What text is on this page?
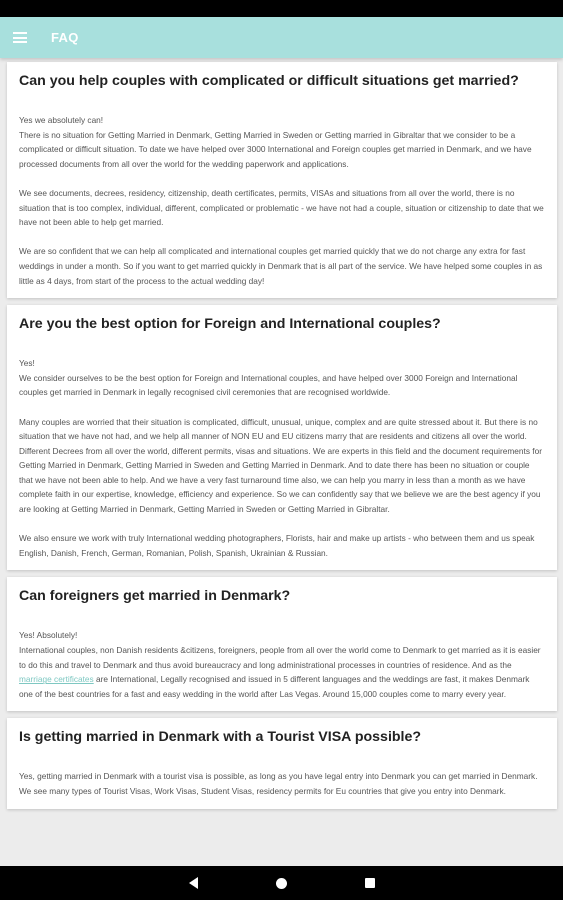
FAQ
Can you help couples with complicated or difficult situations get married?

Yes we absolutely can!
There is no situation for Getting Married in Denmark, Getting Married in Sweden or Getting married in Gibraltar that we consider to be a complicated or difficult situation. To date we have helped over 3000 International and Foreign couples get married in Denmark, and we have processed documents from all over the world for the wedding paperwork and applications.

We see documents, decrees, residency, citizenship, death certificates, permits, VISAs and situations from all over the world, there is no situation that is too complex, individual, different, complicated or problematic - we have not had a couple, situation or citizenship to date that we have not been able to help get married.

We are so confident that we can help all complicated and international couples get married quickly that we do not charge any extra for fast weddings in under a month. So if you want to get married quickly in Denmark that is all part of the service. We have helped some couples in as little as 4 days, from start of the process to the actual wedding day!

Are you the best option for Foreign and International couples?

Yes!
We consider ourselves to be the best option for Foreign and International couples, and have helped over 3000 Foreign and International couples get married in Denmark in legally recognised civil ceremonies that are recognised worldwide.

Many couples are worried that their situation is complicated, difficult, unusual, unique, complex and are quite stressed about it. But there is no situation that we have not had, and we help all manner of NON EU and EU citizens marry that are residents and citizens all over the world. Different Decrees from all over the world, different permits, visas and situations. We are experts in this field and the document requirements for Getting Married in Denmark, Getting Married in Sweden and Getting Married in Denmark. And to date there has been no situation or couple that we have not been able to help. And we have a very fast turnaround time also, we can help you marry in less than a month as we have complete faith in our expertise, knowledge, efficiency and experience. So we can confidently say that we believe we are the best agency if you are looking at Getting Married in Denmark, Getting Married in Sweden or Getting Married in Gibraltar.

We also ensure we work with truly International wedding photographers, Florists, hair and make up artists - who between them and us speak English, Danish, French, German, Romanian, Polish, Spanish, Ukrainian & Russian.

Can foreigners get married in Denmark?

Yes! Absolutely!
International couples, non Danish residents &citizens, foreigners, people from all over the world come to Denmark to get married as it is easier to do this and travel to Denmark and thus avoid bureaucracy and long administrational processes in countries of residence. And as the marriage certificates are International, Legally recognised and issued in 5 different languages and the weddings are fast, it makes Denmark one of the best countries for a fast and easy wedding in the world after Las Vegas. Around 15,000 couples come to marry every year.

Is getting married in Denmark with a Tourist VISA possible?

Yes, getting married in Denmark with a tourist visa is possible, as long as you have legal entry into Denmark you can get married in Denmark. We see many types of Tourist Visas, Work Visas, Student Visas, residency permits for Eu countries that give you entry into Denmark.
